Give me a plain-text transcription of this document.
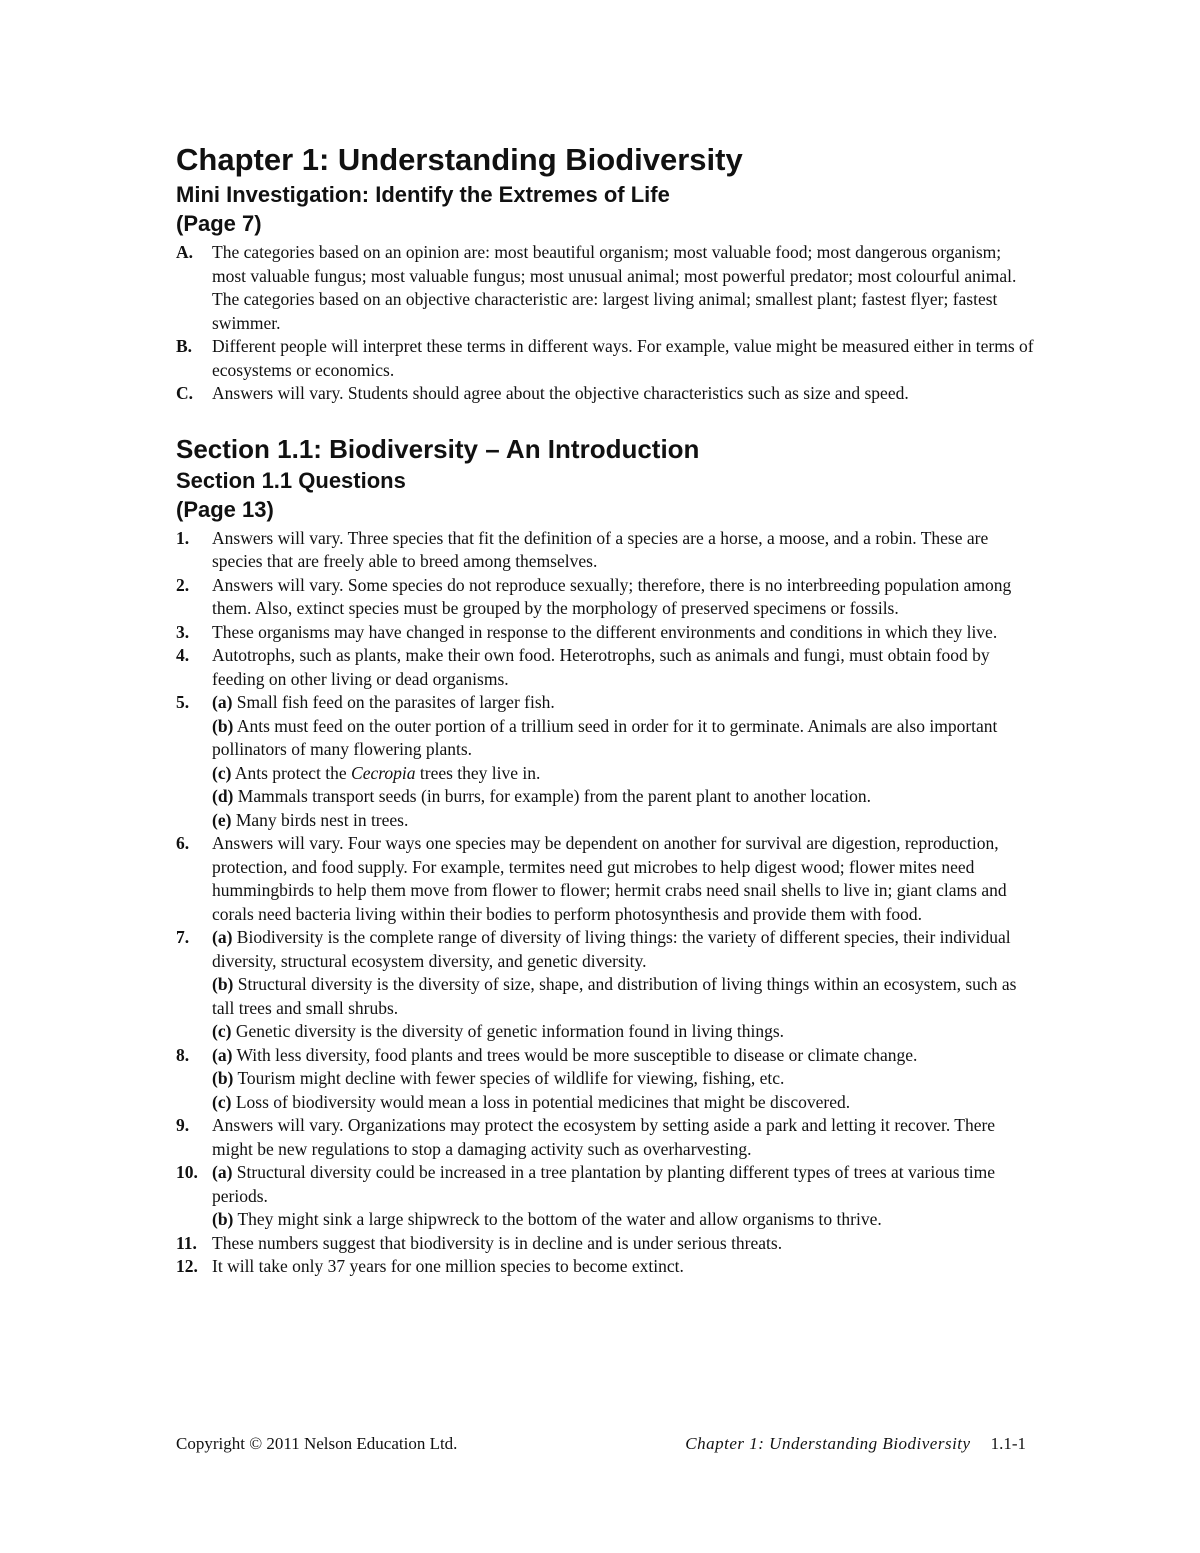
Chapter 1: Understanding Biodiversity
Mini Investigation: Identify the Extremes of Life
(Page 7)
A. The categories based on an opinion are: most beautiful organism; most valuable food; most dangerous organism; most valuable fungus; most valuable fungus; most unusual animal; most powerful predator; most colourful animal.

The categories based on an objective characteristic are: largest living animal; smallest plant; fastest flyer; fastest swimmer.

B. Different people will interpret these terms in different ways. For example, value might be measured either in terms of ecosystems or economics.

C. Answers will vary. Students should agree about the objective characteristics such as size and speed.

Section 1.1: Biodiversity – An Introduction
Section 1.1 Questions
(Page 13)
1. Answers will vary. Three species that fit the definition of a species are a horse, a moose, and a robin. These are species that are freely able to breed among themselves.

2. Answers will vary. Some species do not reproduce sexually; therefore, there is no interbreeding population among them. Also, extinct species must be grouped by the morphology of preserved specimens or fossils.

3. These organisms may have changed in response to the different environments and conditions in which they live.

4. Autotrophs, such as plants, make their own food. Heterotrophs, such as animals and fungi, must obtain food by feeding on other living or dead organisms.

5. (a) Small fish feed on the parasites of larger fish.

(b) Ants must feed on the outer portion of a trillium seed in order for it to germinate. Animals are also important pollinators of many flowering plants.

(c) Ants protect the Cecropia trees they live in.

(d) Mammals transport seeds (in burrs, for example) from the parent plant to another location.

(e) Many birds nest in trees.

6. Answers will vary. Four ways one species may be dependent on another for survival are digestion, reproduction, protection, and food supply. For example, termites need gut microbes to help digest wood; flower mites need hummingbirds to help them move from flower to flower; hermit crabs need snail shells to live in; giant clams and corals need bacteria living within their bodies to perform photosynthesis and provide them with food.

7. (a) Biodiversity is the complete range of diversity of living things: the variety of different species, their individual diversity, structural ecosystem diversity, and genetic diversity.

(b) Structural diversity is the diversity of size, shape, and distribution of living things within an ecosystem, such as tall trees and small shrubs.

(c) Genetic diversity is the diversity of genetic information found in living things.

8. (a) With less diversity, food plants and trees would be more susceptible to disease or climate change.

(b) Tourism might decline with fewer species of wildlife for viewing, fishing, etc.

(c) Loss of biodiversity would mean a loss in potential medicines that might be discovered.

9. Answers will vary. Organizations may protect the ecosystem by setting aside a park and letting it recover. There might be new regulations to stop a damaging activity such as overharvesting.

10. (a) Structural diversity could be increased in a tree plantation by planting different types of trees at various time periods.

(b) They might sink a large shipwreck to the bottom of the water and allow organisms to thrive.

11. These numbers suggest that biodiversity is in decline and is under serious threats.

12. It will take only 37 years for one million species to become extinct.

Copyright © 2011 Nelson Education Ltd.	Chapter 1: Understanding Biodiversity 1.1-1
